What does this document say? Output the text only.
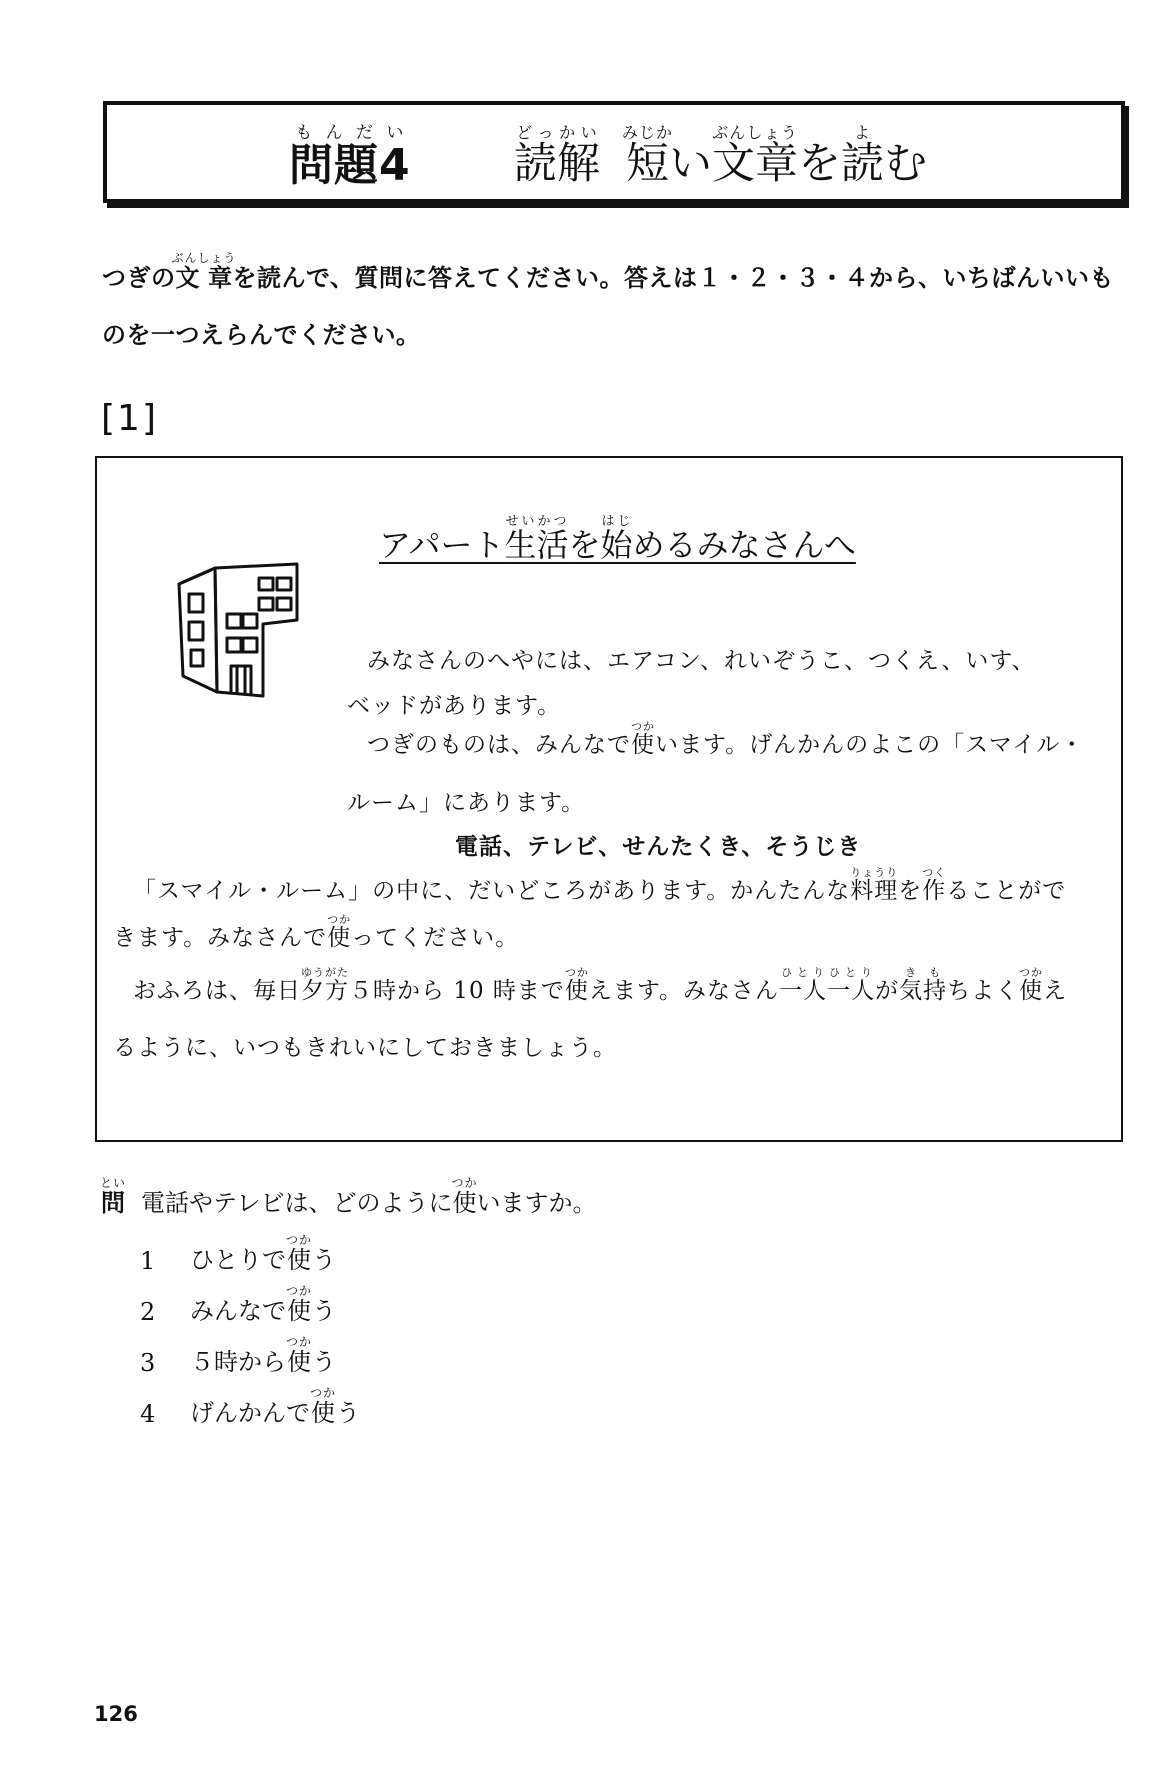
問題4もんだい
読解どっかい短みじかい文章ぶんしょうを読よむ
つぎの文章ぶんしょうを読んで、質問に答えてください。答えは１・２・３・４から、いちばんいいものを一つえらんでください。
[1]
アパート生活せいかつを始はじめるみなさんへ
みなさんのへやには、エアコン、れいぞうこ、つくえ、いす、
ベッドがあります。
つぎのものは、みんなで使つかいます。げんかんのよこの「スマイル・
ルーム」にあります。
電話、テレビ、せんたくき、そうじき
「スマイル・ルーム」の中に、だいどころがあります。かんたんな料理りょうりを作つくることがで
きます。みなさんで使つかってください。
おふろは、毎日夕方ゆうがた５時から 10 時まで使つかえます。みなさん一人一人ひとりひとりが気持きもちよく使つかえ
るように、いつもきれいにしておきましょう。
問とい電話やテレビは、どのように使つかいますか。
1	ひとりで 使つか
う
2	みんなで 使つか
う
3	５時から 使つか
う
4	げんかんで 使つか
う
126
